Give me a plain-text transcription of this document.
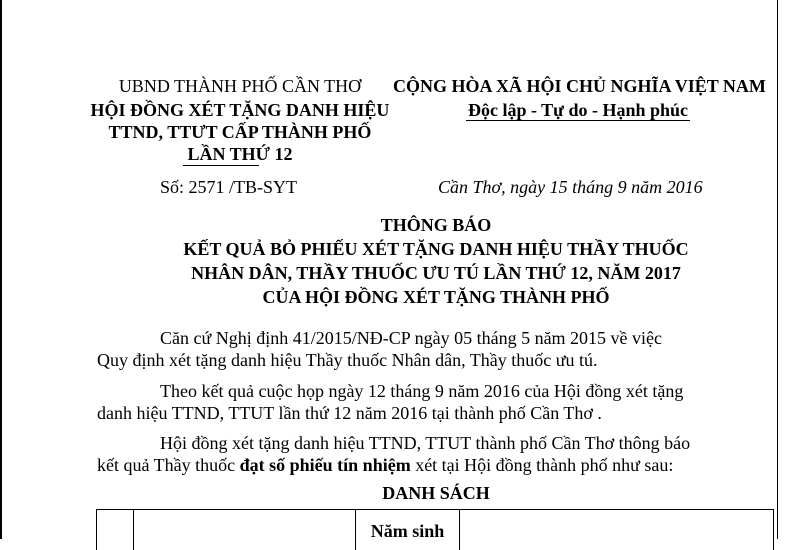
UBND THÀNH PHỐ CẦN THƠ
HỘI ĐỒNG XÉT TẶNG DANH HIỆU
TTND, TTƯT CẤP THÀNH PHỐ
LẦN THỨ 12
CỘNG HÒA XÃ HỘI CHỦ NGHĨA VIỆT NAM
Độc lập - Tự do - Hạnh phúc
Số: 2571 /TB-SYT	Cần Thơ, ngày 15 tháng 9 năm 2016
THÔNG BÁO
KẾT QUẢ BỎ PHIẾU XÉT TẶNG DANH HIỆU THẦY THUỐC
NHÂN DÂN, THẦY THUỐC ƯU TÚ LẦN THỨ 12, NĂM 2017
CỦA HỘI ĐỒNG XÉT TẶNG THÀNH PHỐ
Căn cứ Nghị định 41/2015/NĐ-CP ngày 05 tháng 5 năm 2015 về việc
Quy định xét tặng danh hiệu Thầy thuốc Nhân dân, Thầy thuốc ưu tú.
Theo kết quả cuộc họp ngày 12 tháng 9 năm 2016 của Hội đồng xét tặng
danh hiệu TTND, TTUT lần thứ 12 năm 2016 tại thành phố Cần Thơ .
Hội đồng xét tặng danh hiệu TTND, TTUT thành phố Cần Thơ thông báo
kết quả Thầy thuốc đạt số phiếu tín nhiệm xét tại Hội đồng thành phố như sau:
DANH SÁCH
Năm sinh
